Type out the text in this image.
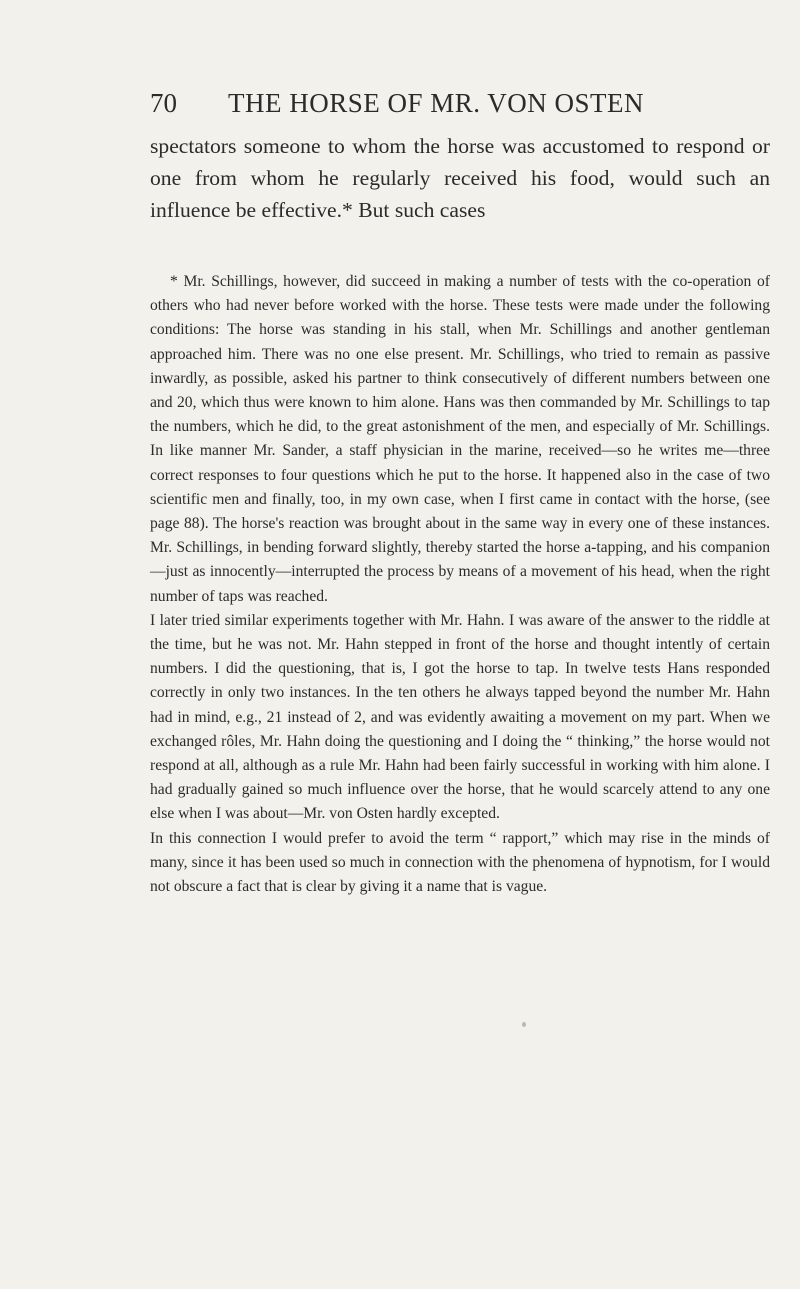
70	THE HORSE OF MR. VON OSTEN

spectators someone to whom the horse was accustomed to respond or one from whom he regularly received his food, would such an influence be effective.* But such cases

* Mr. Schillings, however, did succeed in making a number of tests with the co-operation of others who had never before worked with the horse. These tests were made under the following conditions: The horse was standing in his stall, when Mr. Schillings and another gentleman approached him. There was no one else present. Mr. Schillings, who tried to remain as passive inwardly, as possible, asked his partner to think consecutively of different numbers between one and 20, which thus were known to him alone. Hans was then commanded by Mr. Schillings to tap the numbers, which he did, to the great astonishment of the men, and especially of Mr. Schillings. In like manner Mr. Sander, a staff physician in the marine, received—so he writes me—three correct responses to four questions which he put to the horse. It happened also in the case of two scientific men and finally, too, in my own case, when I first came in contact with the horse, (see page 88). The horse's reaction was brought about in the same way in every one of these instances. Mr. Schillings, in bending forward slightly, thereby started the horse a-tapping, and his companion—just as innocently—interrupted the process by means of a movement of his head, when the right number of taps was reached.

I later tried similar experiments together with Mr. Hahn. I was aware of the answer to the riddle at the time, but he was not. Mr. Hahn stepped in front of the horse and thought intently of certain numbers. I did the questioning, that is, I got the horse to tap. In twelve tests Hans responded correctly in only two instances. In the ten others he always tapped beyond the number Mr. Hahn had in mind, e.g., 21 instead of 2, and was evidently awaiting a movement on my part. When we exchanged rôles, Mr. Hahn doing the questioning and I doing the “ thinking,” the horse would not respond at all, although as a rule Mr. Hahn had been fairly successful in working with him alone. I had gradually gained so much influence over the horse, that he would scarcely attend to any one else when I was about—Mr. von Osten hardly excepted.

In this connection I would prefer to avoid the term “ rapport,” which may rise in the minds of many, since it has been used so much in connection with the phenomena of hypnotism, for I would not obscure a fact that is clear by giving it a name that is vague.
